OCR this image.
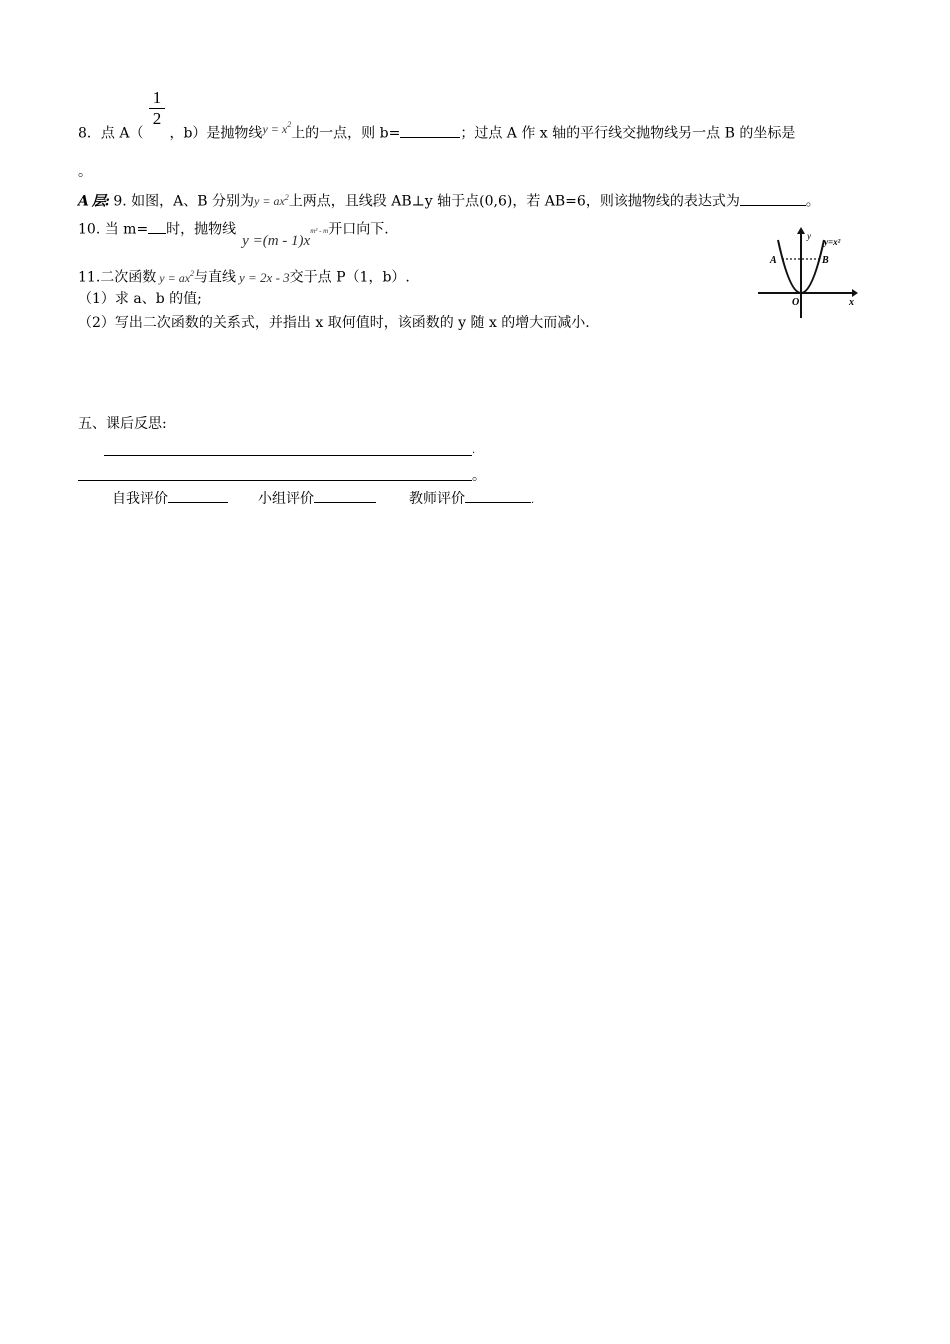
$\frac{1}{2}$
8．点 A（ ，b）是抛物线$y = x^2$上的一点，则 b=	；过点 A 作 x 轴的平行线交抛物线另一点 B 的坐标是
。
A 层: 9. 如图，A、B 分别为$y = ax^2$上两点，且线段 AB⊥y 轴于点(0,6)，若 AB=6，则该抛物线的表达式为	。
10. 当 m= 时，抛物线$y =(m - 1)x^{m^2 - m}$开口向下.
11.二次函数 $y = ax^2$与直线 y = 2x - 3交于点 P（1，b）.
（1）求 a、b 的值;
（2）写出二次函数的关系式，并指出 x 取何值时，该函数的 y 随 x 的增大而减小.
y
y=x²
A	B
O	x
五、课后反思:
.
。
自我评价	小组评价	教师评价	.
